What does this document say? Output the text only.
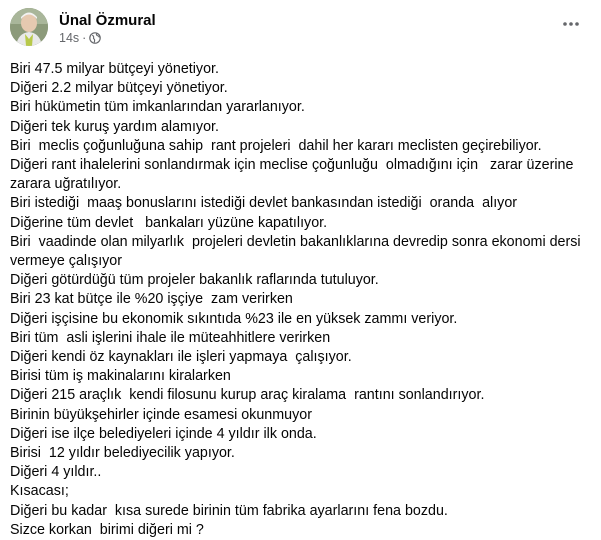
Ünal Özmural
14s ·
Biri 47.5 milyar bütçeyi yönetiyor.
Diğeri 2.2 milyar bütçeyi yönetiyor.
Biri hükümetin tüm imkanlarından yararlanıyor.
Diğeri tek kuruş yardım alamıyor.
Biri  meclis çoğunluğuna sahip  rant projeleri  dahil her kararı meclisten geçirebiliyor.
Diğeri rant ihalelerini sonlandırmak için meclise çoğunluğu  olmadığını için   zarar üzerine zarara uğratılıyor.
Biri istediği  maaş bonuslarını istediği devlet bankasından istediği  oranda  alıyor
Diğerine tüm devlet   bankaları yüzüne kapatılıyor.
Biri  vaadinde olan milyarlık  projeleri devletin bakanlıklarına devredip sonra ekonomi dersi vermeye çalışıyor
Diğeri götürdüğü tüm projeler bakanlık raflarında tutuluyor.
Biri 23 kat bütçe ile %20 işçiye  zam verirken
Diğeri işçisine bu ekonomik sıkıntıda %23 ile en yüksek zammı veriyor.
Biri tüm  asli işlerini ihale ile müteahhitlere verirken
Diğeri kendi öz kaynakları ile işleri yapmaya  çalışıyor.
Birisi tüm iş makinalarını kiralarken
Diğeri 215 araçlık  kendi filosunu kurup araç kiralama  rantını sonlandırıyor.
Birinin büyükşehirler içinde esamesi okunmuyor
Diğeri ise ilçe belediyeleri içinde 4 yıldır ilk onda.
Birisi  12 yıldır belediyecilik yapıyor.
Diğeri 4 yıldır..
Kısacası;
Diğeri bu kadar  kısa surede birinin tüm fabrika ayarlarını fena bozdu.
Sizce korkan  birimi diğeri mi ?
